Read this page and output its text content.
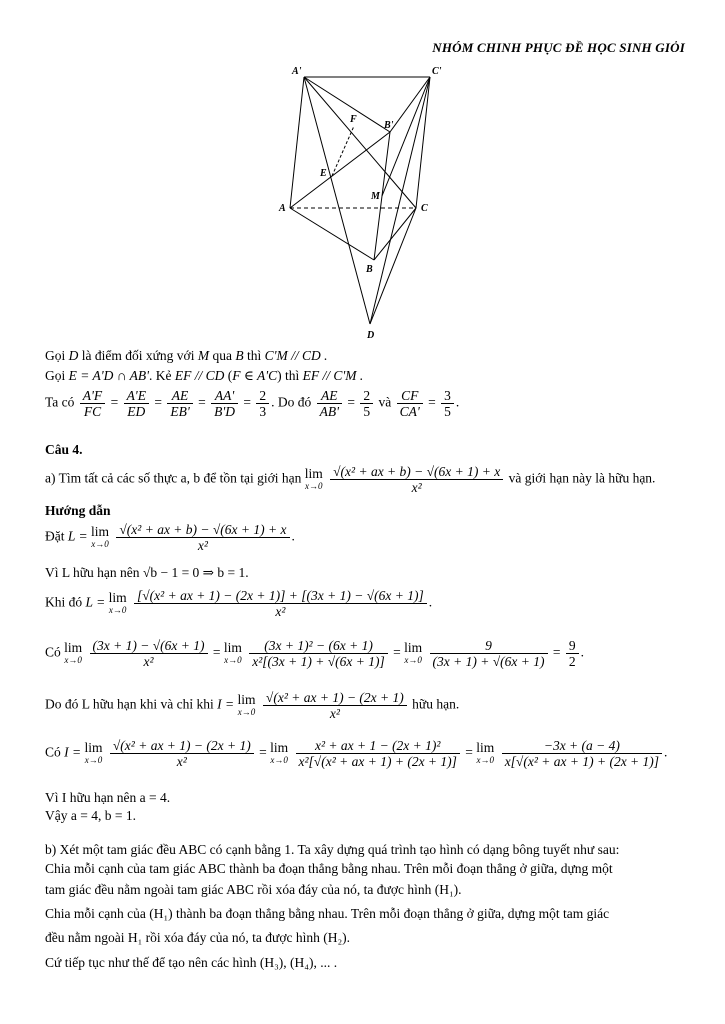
NHÓM CHINH PHỤC ĐỀ HỌC SINH GIỎI
A'	C'
B'
F
E
M
A	C
B
D
Gọi D là điểm đối xứng với M qua B thì C'M // CD .
Gọi E = A'D ∩ AB'. Kẻ EF // CD (F ∈ A'C) thì EF // C'M .
Ta có $\frac{A'F}{FC} = \frac{A'E}{ED} = \frac{AE}{EB'} = \frac{AA'}{B'D} = \frac{2}{3}$ . Do đó $\frac{AE}{AB'} = \frac{2}{5}$ và $\frac{CF}{CA'} = \frac{3}{5}$ .
Câu 4.
a) Tìm tất cả các số thực a, b để tồn tại giới hạn lim
x→0
$\frac{\text{√(x² + ax + b) − √(6x + 1) + x}}{\text{x²}}$ và giới hạn này là hữu hạn.
Hướng dẫn
Đặt L = lim
x→0
$\frac{\text{√(x² + ax + b) − √(6x + 1) + x}}{\text{x²}}$ .
Vì L hữu hạn nên √b − 1 = 0 ⇒ b = 1.
Khi đó L = lim
x→0
$\frac{\text{[√(x² + ax + 1) − (2x + 1)] + [(3x + 1) − √(6x + 1)]}}{\text{x²}}$ .
Có lim
x→0
$\frac{(3x + 1) - √(6x + 1)}{\text{x²}} = \lim$
x→0
$\frac{\text{(3x + 1)² − (6x + 1)}}{\text{x²[(3x + 1) + √(6x + 1)]}} = \lim$
x→0
$\frac{9}{(3x + 1) + √(6x + 1)} = \frac{9}{2}$ .
Do đó L hữu hạn khi và chỉ khi I = lim
x→0
$\frac{\text{√(x² + ax + 1) − (2x + 1)}}{\text{x²}}$ hữu hạn.
Có I = lim
x→0
$\frac{\text{√(x² + ax + 1) − (2x + 1)}}{\text{x²}} = \lim$
x→0
$\frac{\text{x² + ax + 1 − (2x + 1)²}}{\text{x²[√(x² + ax + 1) + (2x + 1)]}} = \lim$
x→0
$\frac{-3x + (a - 4)}{\text{x[√(x² + ax + 1) + (2x + 1)]}}$ .
Vì I hữu hạn nên a = 4.
Vậy a = 4, b = 1.
b) Xét một tam giác đều ABC có cạnh bằng 1. Ta xây dựng quá trình tạo hình có dạng bông tuyết như sau:
Chia mỗi cạnh của tam giác ABC thành ba đoạn thẳng bằng nhau. Trên mỗi đoạn thẳng ở giữa, dựng một
tam giác đều nằm ngoài tam giác ABC rồi xóa đáy của nó, ta được hình (H₁).
Chia mỗi cạnh của (H₁) thành ba đoạn thẳng bằng nhau. Trên mỗi đoạn thẳng ở giữa, dựng một tam giác
đều nằm ngoài H₁ rồi xóa đáy của nó, ta được hình (H₂).
Cứ tiếp tục như thế để tạo nên các hình (H₃), (H₄), ... .
